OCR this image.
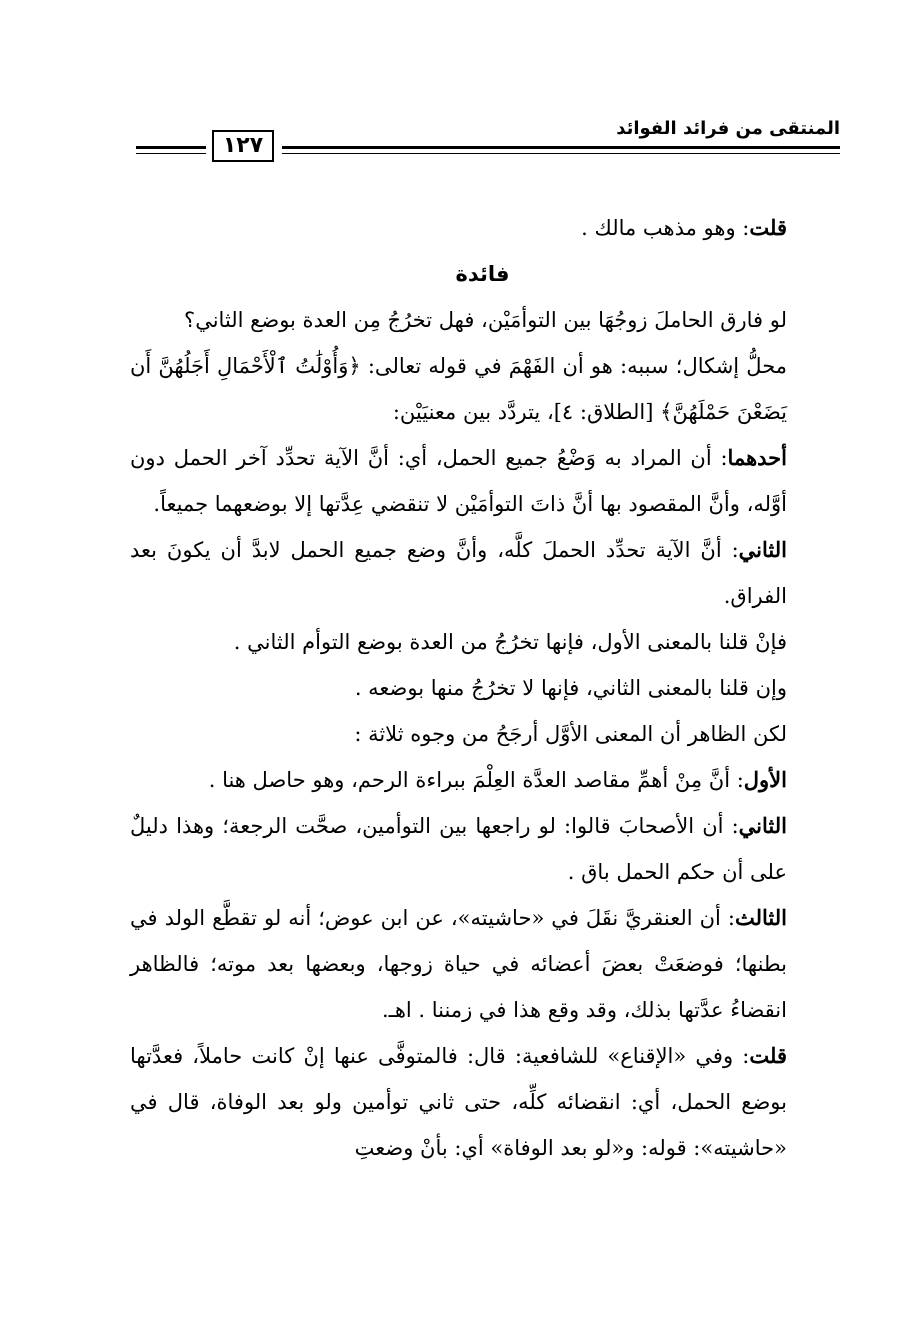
المنتقى من فرائد الفوائد
١٢٧

قلت: وهو مذهب مالك .

فائدة

لو فارق الحاملَ زوجُهَا بين التوأمَيْن، فهل تخرُجُ مِن العدة بوضع الثاني؟

محلُّ إشكال؛ سببه: هو أن الفَهْمَ في قوله تعالى: ﴿وَأُوْلَٰتُ ٱلْأَحْمَالِ أَجَلُهُنَّ أَن يَضَعْنَ حَمْلَهُنَّ﴾ [الطلاق: ٤]، يتردَّد بين معنيَيْن:

أحدهما: أن المراد به وَضْعُ جميع الحمل، أي: أنَّ الآية تحدِّد آخر الحمل دون أوَّله، وأنَّ المقصود بها أنَّ ذاتَ التوأمَيْن لا تنقضي عِدَّتها إلا بوضعهما جميعاً.

الثاني: أنَّ الآية تحدِّد الحملَ كلَّه، وأنَّ وضع جميع الحمل لابدَّ أن يكونَ بعد الفراق.

فإنْ قلنا بالمعنى الأول، فإنها تخرُجُ من العدة بوضع التوأم الثاني .

وإن قلنا بالمعنى الثاني، فإنها لا تخرُجُ منها بوضعه .

لكن الظاهر أن المعنى الأوَّل أرجَحُ من وجوه ثلاثة :

الأول: أنَّ مِنْ أهمِّ مقاصد العدَّة العِلْمَ ببراءة الرحم، وهو حاصل هنا .

الثاني: أن الأصحابَ قالوا: لو راجعها بين التوأمين، صحَّت الرجعة؛ وهذا دليلٌ على أن حكم الحمل باق .

الثالث: أن العنقريَّ نقَلَ في «حاشيته»، عن ابن عوض؛ أنه لو تقطَّع الولد في بطنها؛ فوضعَتْ بعضَ أعضائه في حياة زوجها، وبعضها بعد موته؛ فالظاهر انقضاءُ عدَّتها بذلك، وقد وقع هذا في زمننا . اهـ.

قلت: وفي «الإقناع» للشافعية: قال: فالمتوفَّى عنها إنْ كانت حاملاً، فعدَّتها بوضع الحمل، أي: انقضائه كلِّه، حتى ثاني توأمين ولو بعد الوفاة، قال في «حاشيته»: قوله: و«لو بعد الوفاة» أي: بأنْ وضعتِ
